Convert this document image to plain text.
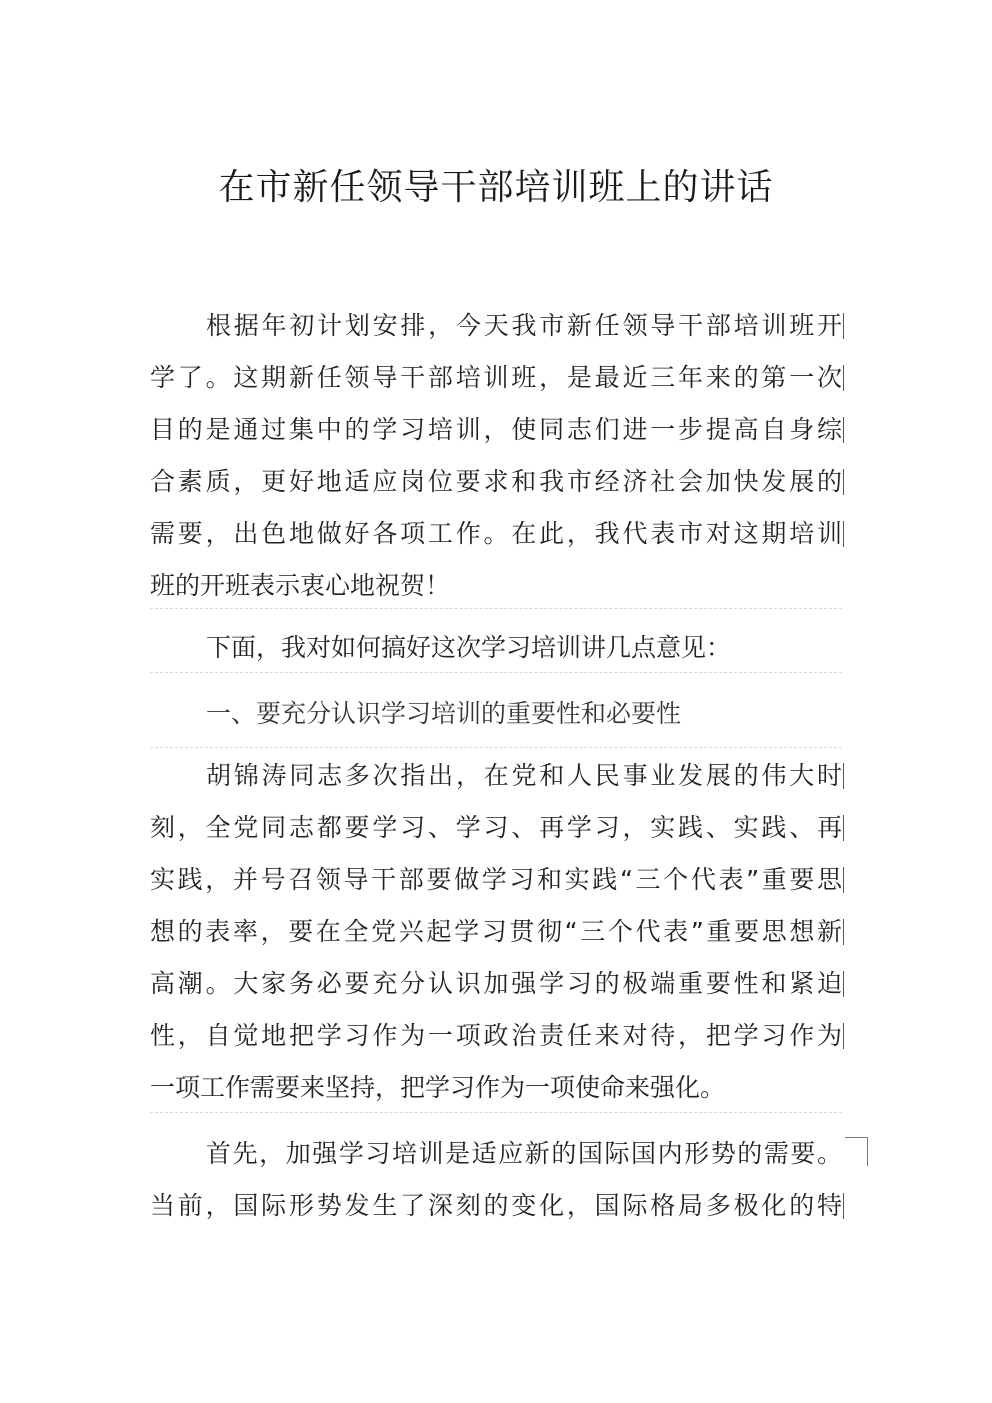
在市新任领导干部培训班上的讲话
根据年初计划安排，今天我市新任领导干部培训班开
学了。这期新任领导干部培训班，是最近三年来的第一次
目的是通过集中的学习培训，使同志们进一步提高自身综
合素质，更好地适应岗位要求和我市经济社会加快发展的
需要，出色地做好各项工作。在此，我代表市对这期培训
班的开班表示衷心地祝贺！
下面，我对如何搞好这次学习培训讲几点意见：
一、要充分认识学习培训的重要性和必要性
胡锦涛同志多次指出，在党和人民事业发展的伟大时
刻，全党同志都要学习、学习、再学习，实践、实践、再
实践，并号召领导干部要做学习和实践“三个代表”重要思
想的表率，要在全党兴起学习贯彻“三个代表”重要思想新
高潮。大家务必要充分认识加强学习的极端重要性和紧迫
性，自觉地把学习作为一项政治责任来对待，把学习作为
一项工作需要来坚持，把学习作为一项使命来强化。
首先，加强学习培训是适应新的国际国内形势的需要。
当前，国际形势发生了深刻的变化，国际格局多极化的特
